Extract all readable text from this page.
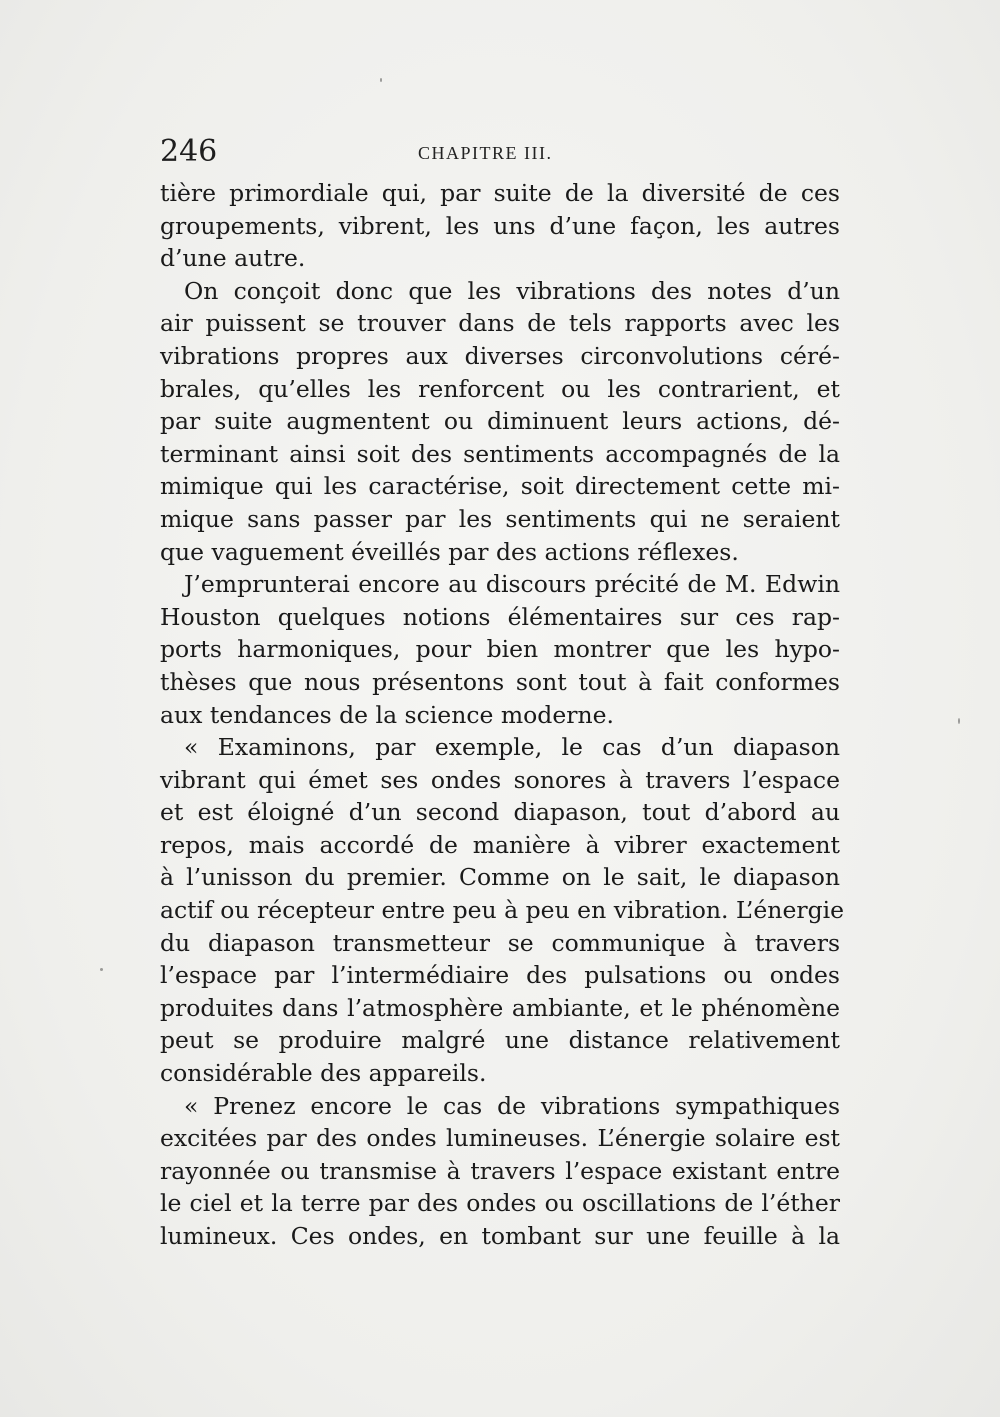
246	CHAPITRE III.
tière primordiale qui, par suite de la diversité de ces
groupements, vibrent, les uns d’une façon, les autres
d’une autre.
On conçoit donc que les vibrations des notes d’un
air puissent se trouver dans de tels rapports avec les
vibrations propres aux diverses circonvolutions céré-
brales, qu’elles les renforcent ou les contrarient, et
par suite augmentent ou diminuent leurs actions, dé-
terminant ainsi soit des sentiments accompagnés de la
mimique qui les caractérise, soit directement cette mi-
mique sans passer par les sentiments qui ne seraient
que vaguement éveillés par des actions réflexes.
J’emprunterai encore au discours précité de M. Edwin
Houston quelques notions élémentaires sur ces rap-
ports harmoniques, pour bien montrer que les hypo-
thèses que nous présentons sont tout à fait conformes
aux tendances de la science moderne.
« Examinons, par exemple, le cas d’un diapason
vibrant qui émet ses ondes sonores à travers l’espace
et est éloigné d’un second diapason, tout d’abord au
repos, mais accordé de manière à vibrer exactement
à l’unisson du premier. Comme on le sait, le diapason
actif ou récepteur entre peu à peu en vibration. L’énergie
du diapason transmetteur se communique à travers
l’espace par l’intermédiaire des pulsations ou ondes
produites dans l’atmosphère ambiante, et le phénomène
peut se produire malgré une distance relativement
considérable des appareils.
« Prenez encore le cas de vibrations sympathiques
excitées par des ondes lumineuses. L’énergie solaire est
rayonnée ou transmise à travers l’espace existant entre
le ciel et la terre par des ondes ou oscillations de l’éther
lumineux. Ces ondes, en tombant sur une feuille à la
